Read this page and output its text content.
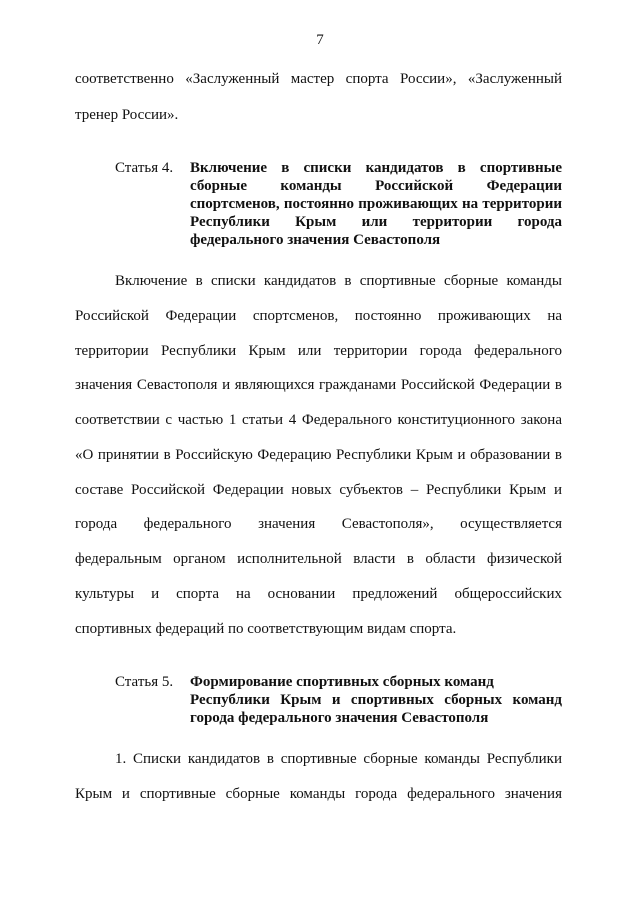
7
соответственно «Заслуженный мастер спорта России», «Заслуженный
тренер России».
Статья 4.	Включение в списки кандидатов в спортивные
сборные команды Российской Федерации
спортсменов, постоянно проживающих на территории
Республики Крым или территории города
федерального значения Севастополя
Включение в списки кандидатов в спортивные сборные команды
Российской Федерации спортсменов, постоянно проживающих на
территории Республики Крым или территории города федерального
значения Севастополя и являющихся гражданами Российской Федерации в
соответствии с частью 1 статьи 4 Федерального конституционного закона
«О принятии в Российскую Федерацию Республики Крым и образовании в
составе Российской Федерации новых субъектов – Республики Крым и
города федерального значения Севастополя», осуществляется
федеральным органом исполнительной власти в области физической
культуры и спорта на основании предложений общероссийских
спортивных федераций по соответствующим видам спорта.
Статья 5.	Формирование спортивных сборных команд
Республики Крым и спортивных сборных команд
города федерального значения Севастополя
1. Списки кандидатов в спортивные сборные команды Республики
Крым и спортивные сборные команды города федерального значения
